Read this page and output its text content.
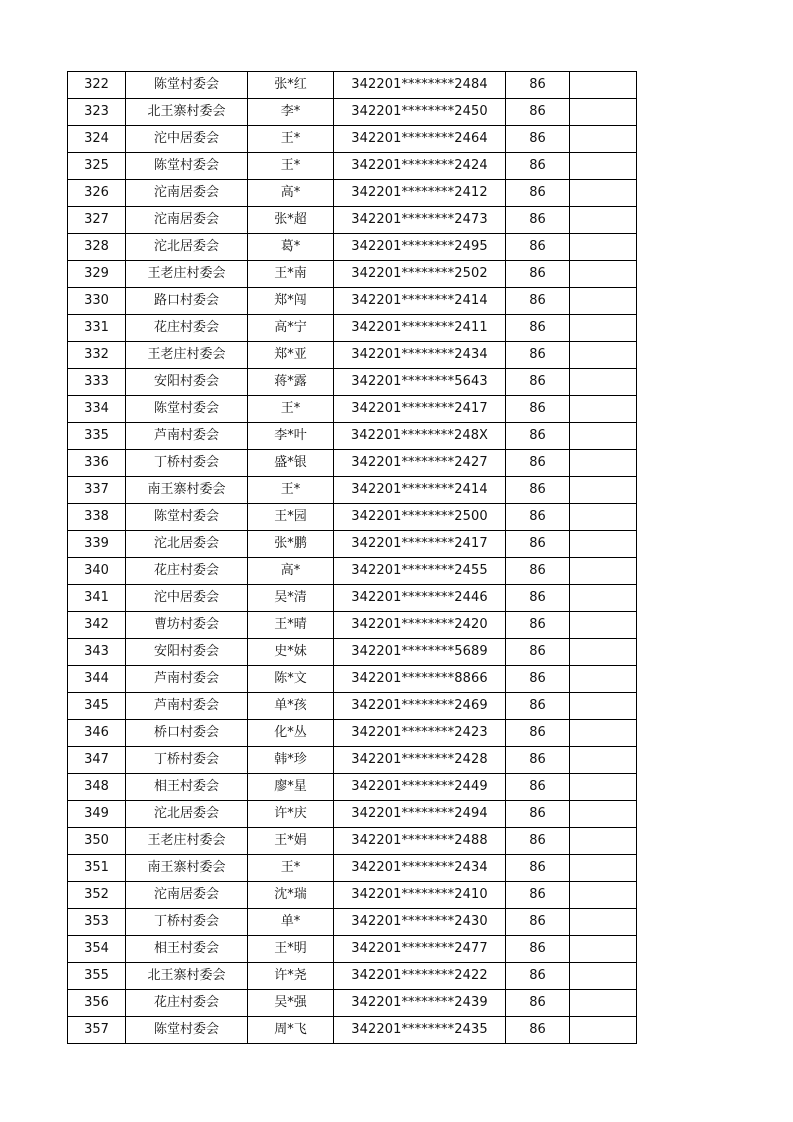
322	陈堂村委会	张*红	342201********2484	86	
323	北王寨村委会	李*	342201********2450	86	
324	沱中居委会	王*	342201********2464	86	
325	陈堂村委会	王*	342201********2424	86	
326	沱南居委会	高*	342201********2412	86	
327	沱南居委会	张*超	342201********2473	86	
328	沱北居委会	葛*	342201********2495	86	
329	王老庄村委会	王*南	342201********2502	86	
330	路口村委会	郑*闯	342201********2414	86	
331	花庄村委会	高*宁	342201********2411	86	
332	王老庄村委会	郑*亚	342201********2434	86	
333	安阳村委会	蒋*露	342201********5643	86	
334	陈堂村委会	王*	342201********2417	86	
335	芦南村委会	李*叶	342201********248X	86	
336	丁桥村委会	盛*银	342201********2427	86	
337	南王寨村委会	王*	342201********2414	86	
338	陈堂村委会	王*园	342201********2500	86	
339	沱北居委会	张*鹏	342201********2417	86	
340	花庄村委会	高*	342201********2455	86	
341	沱中居委会	吴*清	342201********2446	86	
342	曹坊村委会	王*晴	342201********2420	86	
343	安阳村委会	史*妹	342201********5689	86	
344	芦南村委会	陈*文	342201********8866	86	
345	芦南村委会	单*孩	342201********2469	86	
346	桥口村委会	化*丛	342201********2423	86	
347	丁桥村委会	韩*珍	342201********2428	86	
348	相王村委会	廖*星	342201********2449	86	
349	沱北居委会	许*庆	342201********2494	86	
350	王老庄村委会	王*娟	342201********2488	86	
351	南王寨村委会	王*	342201********2434	86	
352	沱南居委会	沈*瑞	342201********2410	86	
353	丁桥村委会	单*	342201********2430	86	
354	相王村委会	王*明	342201********2477	86	
355	北王寨村委会	许*尧	342201********2422	86	
356	花庄村委会	吴*强	342201********2439	86	
357	陈堂村委会	周*飞	342201********2435	86	
